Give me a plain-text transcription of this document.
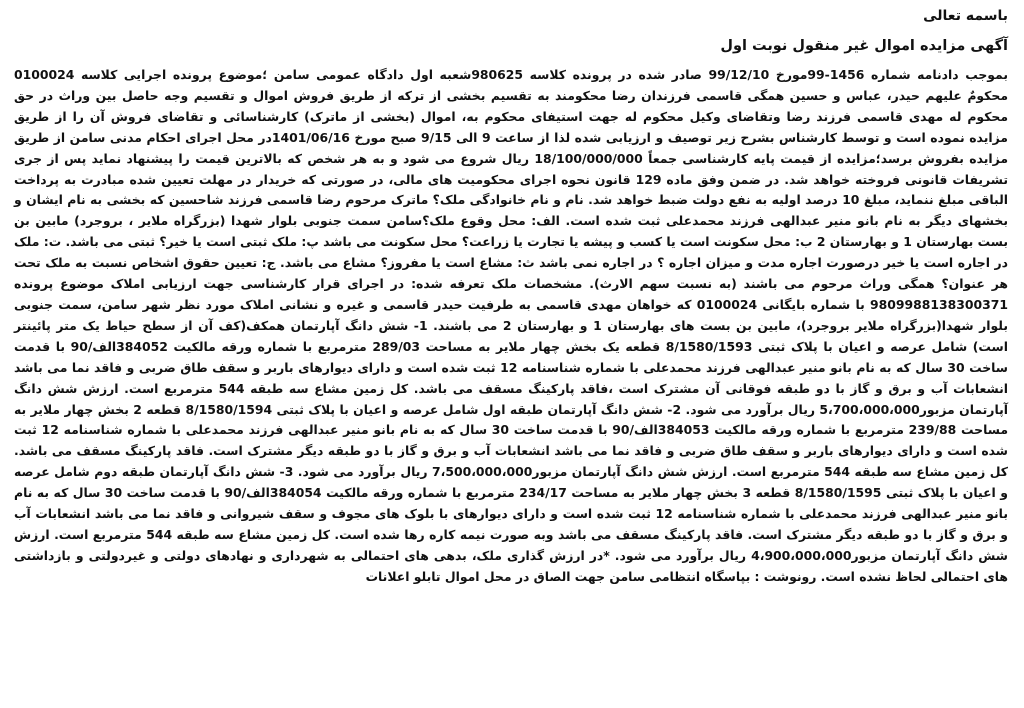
باسمه تعالی

آگهی مزایده اموال غیر منقول نوبت اول

بموجب دادنامه شماره 1456-99مورخ 99/12/10 صادر شده در پرونده کلاسه 980625شعبه اول دادگاه عمومی سامن ؛موضوع پرونده اجرایی کلاسه 0100024 محکومٌ علیهم حیدر، عباس و حسین همگی قاسمی فرزندان رضا محکومند به تقسیم بخشی از ترکه از طریق فروش اموال و تقسیم وجه حاصل بین وراث در حق محکوم له مهدی قاسمی فرزند رضا وتقاضای وکیل محکوم له جهت استیفای محکوم به، اموال (بخشی از ماترک) کارشناسائی و تقاضای فروش آن را از طریق مزایده نموده است و توسط کارشناس بشرح زیر توصیف و ارزیابی شده لذا از ساعت 9 الی 9/15 صبح مورخ 1401/06/16در محل اجرای احکام مدنی سامن از طریق مزایده بفروش برسد؛مزایده از قیمت پایه کارشناسی جمعاً 18/100/000/000 ریال شروع می شود و به هر شخص که بالاترین قیمت را پیشنهاد نماید پس از جری تشریفات قانونی فروخته خواهد شد. در ضمن وفق ماده 129 قانون نحوه اجرای محکومیت های مالی، در صورتی که خریدار در مهلت تعیین شده مبادرت به پرداخت الباقی مبلغ ننماید، مبلغ 10 درصد اولیه به نفع دولت ضبط خواهد شد. نام و نام خانوادگی ملک؟ ماترک مرحوم رضا قاسمی فرزند شاحسین که بخشی به نام ایشان و بخشهای دیگر به نام بانو منیر عبدالهی فرزند محمدعلی ثبت شده است. الف: محل وقوع ملک؟سامن سمت جنوبی بلوار شهدا (بزرگراه ملایر ، بروجرد) مابین بن بست بهارستان 1 و بهارستان 2 ب: محل سکونت است یا کسب و پیشه یا تجارت یا زراعت؟ محل سکونت می باشد پ: ملک ثبتی است یا خیر؟ ثبتی می باشد. ت: ملک در اجاره است یا خیر درصورت اجاره مدت و میزان اجاره ؟ در اجاره نمی باشد ث: مشاع است یا مفروز؟ مشاع می باشد. ج: تعیین حقوق اشخاص نسبت به ملک تحت هر عنوان؟ همگی وراث مرحوم می باشند (به نسبت سهم الارث). مشخصات ملک تعرفه شده: در اجرای قرار کارشناسی جهت ارزیابی املاک موضوع پرونده 9809988138300371 با شماره بایگانی 0100024 که خواهان مهدی قاسمی به طرفیت حیدر قاسمی و غیره و نشانی املاک مورد نظر شهر سامن، سمت جنوبی بلوار شهدا(بزرگراه ملایر بروجرد)، مابین بن بست های بهارستان 1 و بهارستان 2 می باشند. 1- شش دانگ آپارتمان همکف(کف آن از سطح حیاط یک متر پائینتر است) شامل عرصه و اعیان با پلاک ثبتی 8/1580/1593 قطعه یک بخش چهار ملایر به مساحت 289/03 مترمربع با شماره ورقه مالکیت 384052الف/90 با قدمت ساخت 30 سال که به نام بانو منیر عبدالهی فرزند محمدعلی با شماره شناسنامه 12 ثبت شده است و دارای دیوارهای باربر و سقف طاق ضربی و فاقد نما می باشد انشعابات آب و برق و گاز با دو طبقه فوقانی آن مشترک است ،فاقد پارکینگ مسقف می باشد. کل زمین مشاع سه طبقه 544 مترمربع است. ارزش شش دانگ آپارتمان مزبور5،700،000،000 ریال برآورد می شود. 2- شش دانگ آپارتمان طبقه اول شامل عرصه و اعیان با پلاک ثبتی 8/1580/1594 قطعه 2 بخش چهار ملایر به مساحت 239/88 مترمربع با شماره ورقه مالکیت 384053الف/90 با قدمت ساخت 30 سال که به نام بانو منیر عبدالهی فرزند محمدعلی با شماره شناسنامه 12 ثبت شده است و دارای دیوارهای باربر و سقف طاق ضربی و فاقد نما می باشد انشعابات آب و برق و گاز با دو طبقه دیگر مشترک است. فاقد پارکینگ مسقف می باشد. کل زمین مشاع سه طبقه 544 مترمربع است. ارزش شش دانگ آپارتمان مزبور7،500،000،000 ریال برآورد می شود. 3- شش دانگ آپارتمان طبقه دوم شامل عرصه و اعیان با پلاک ثبتی 8/1580/1595 قطعه 3 بخش چهار ملایر به مساحت 234/17 مترمربع با شماره ورقه مالکیت 384054الف/90 با قدمت ساخت 30 سال که به نام بانو منیر عبدالهی فرزند محمدعلی با شماره شناسنامه 12 ثبت شده است و دارای دیوارهای با بلوک های مجوف و سقف شیروانی و فاقد نما می باشد انشعابات آب و برق و گاز با دو طبقه دیگر مشترک است. فاقد پارکینگ مسقف می باشد وبه صورت نیمه کاره رها شده است. کل زمین مشاع سه طبقه 544 مترمربع است. ارزش شش دانگ آپارتمان مزبور4،900،000،000 ریال برآورد می شود. *در ارزش گذاری ملک، بدهی های احتمالی به شهرداری و نهادهای دولتی و غیردولتی و بازداشتی های احتمالی لحاظ نشده است. رونوشت : بپاسگاه انتظامی سامن جهت الصاق در محل اموال تابلو اعلانات
